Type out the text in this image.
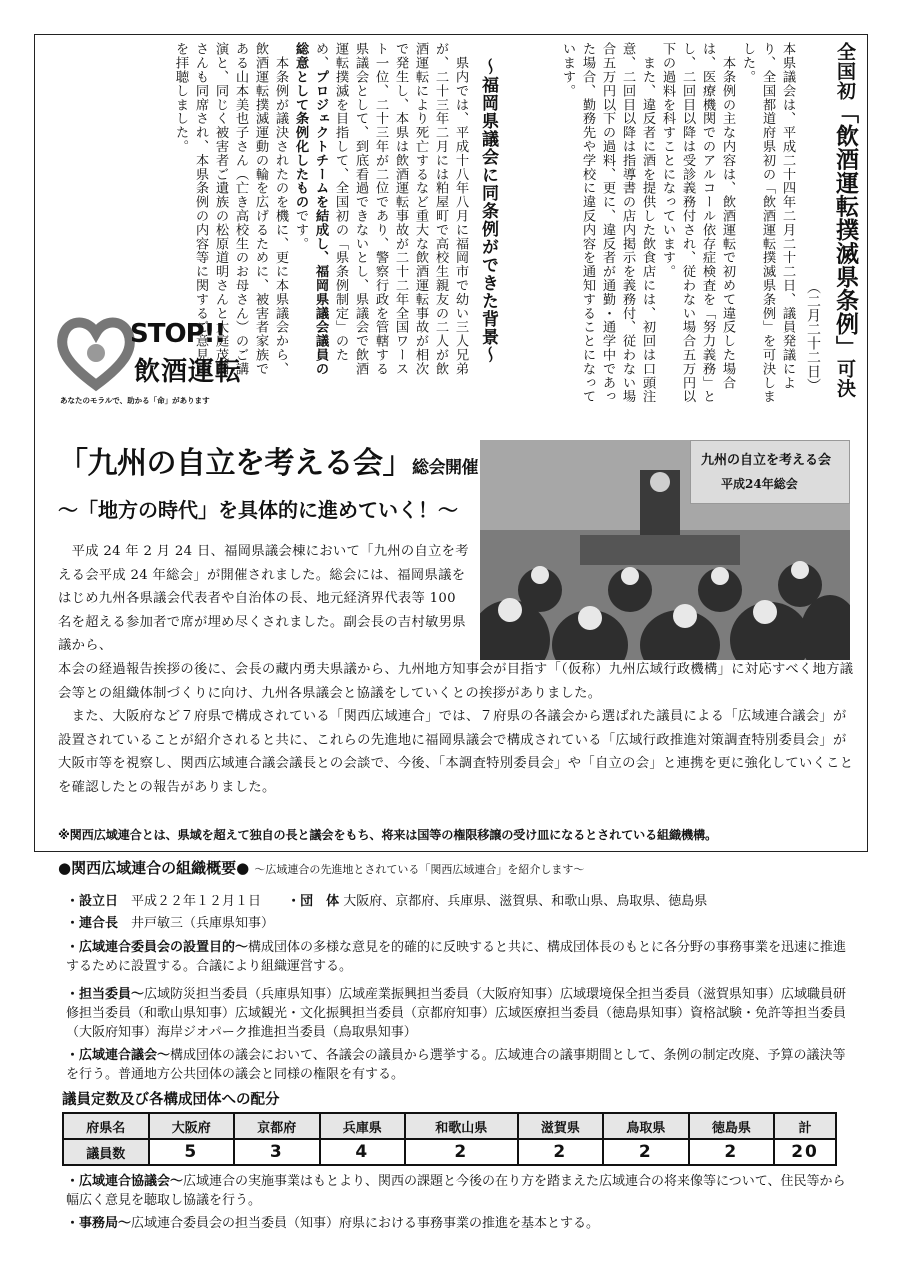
全国初「飲酒運転撲滅県条例」可決
（二月二十二日）
本県議会は、平成二十四年二月二十二日、議員発議により、全国都道府県初の「飲酒運転撲滅県条例」を可決しました。
　本条例の主な内容は、飲酒運転で初めて違反した場合は、医療機関でのアルコール依存症検査を「努力義務」とし、二回目以降は受診義務付され、従わない場合五万円以下の過料を科すことになっています。
　また、違反者に酒を提供した飲食店には、初回は口頭注意、二回目以降は指導書の店内掲示を義務付、従わない場合五万円以下の過料、更に、違反者が通勤・通学中であった場合、勤務先や学校に違反内容を通知することになっています。
～福岡県議会に同条例ができた背景～
　県内では、平成十八年八月に福岡市で幼い三人兄弟が、二十三年二月には粕屋町で高校生親友の二人が飲酒運転により死亡するなど重大な飲酒運転事故が相次で発生し、本県は飲酒運転事故が二十二年全国ワースト一位、二十三年が二位であり、警察行政を管轄する県議会として、到底看過できないとし、県議会で飲酒運転撲滅を目指して、全国初の「県条例制定」のため、プロジェクトチームを結成し、福岡県議会議員の総意として条例化したものです。
　本条例が議決されたのを機に、更に本県議会から、飲酒運転撲滅運動の輪を広げるために、被害者家族である山本美也子さん（亡き高校生のお母さん）のご講演と、同じく被害者ご遺族の松原道明さんと大庭茂彌さんも同席され、本県条例の内容等に関するご意見等を拝聴しました。
STOP!!
飲酒運転
あなたのモラルで、助かる「命」があります
「九州の自立を考える会」総会開催
～「地方の時代」を具体的に進めていく！～
九州の自立を考える会
平成24年総会
　平成 24 年 2 月 24 日、福岡県議会棟において「九州の自立を考える会平成 24 年総会」が開催されました。総会には、福岡県議をはじめ九州各県議会代表者や自治体の長、地元経済界代表等 100 名を超える参加者で席が埋め尽くされました。副会長の吉村敏男県議から、
本会の経過報告挨拶の後に、会長の藏内勇夫県議から、九州地方知事会が目指す「（仮称）九州広域行政機構」に対応すべく地方議会等との組織体制づくりに向け、九州各県議会と協議をしていくとの挨拶がありました。
　また、大阪府など７府県で構成されている「関西広域連合」では、７府県の各議会から選ばれた議員による「広域連合議会」が設置されていることが紹介されると共に、これらの先進地に福岡県議会で構成されている「広域行政推進対策調査特別委員会」が大阪市等を視察し、関西広域連合議会議長との会談で、今後、「本調査特別委員会」や「自立の会」と連携を更に強化していくことを確認したとの報告がありました。
※関西広域連合とは、県域を超えて独自の長と議会をもち、将来は国等の権限移譲の受け皿になるとされている組織機構。
●関西広域連合の組織概要● ～広域連合の先進地とされている「関西広域連合」を紹介します～
・設立日　 平成２２年１２月１日　　 ・団　体 大阪府、京都府、兵庫県、滋賀県、和歌山県、鳥取県、徳島県
・連合長　 井戸敏三（兵庫県知事）
・広域連合委員会の設置目的～構成団体の多様な意見を的確的に反映すると共に、構成団体長のもとに各分野の事務事業を迅速に推進するために設置する。合議により組織運営する。
・担当委員～広域防災担当委員（兵庫県知事）広域産業振興担当委員（大阪府知事）広域環境保全担当委員（滋賀県知事）広域職員研修担当委員（和歌山県知事）広域観光・文化振興担当委員（京都府知事）広域医療担当委員（徳島県知事）資格試験・免許等担当委員（大阪府知事）海岸ジオパーク推進担当委員（鳥取県知事）
・広域連合議会～構成団体の議会において、各議会の議員から選挙する。広域連合の議事期間として、条例の制定改廃、予算の議決等を行う。普通地方公共団体の議会と同様の権限を有する。
議員定数及び各構成団体への配分
府県名	大阪府	京都府	兵庫県	和歌山県	滋賀県	鳥取県	徳島県	計
議員数	5	3	4	2	2	2	2	20
・広域連合協議会～広域連合の実施事業はもとより、関西の課題と今後の在り方を踏まえた広域連合の将来像等について、住民等から幅広く意見を聴取し協議を行う。
・事務局～広域連合委員会の担当委員（知事）府県における事務事業の推進を基本とする。
